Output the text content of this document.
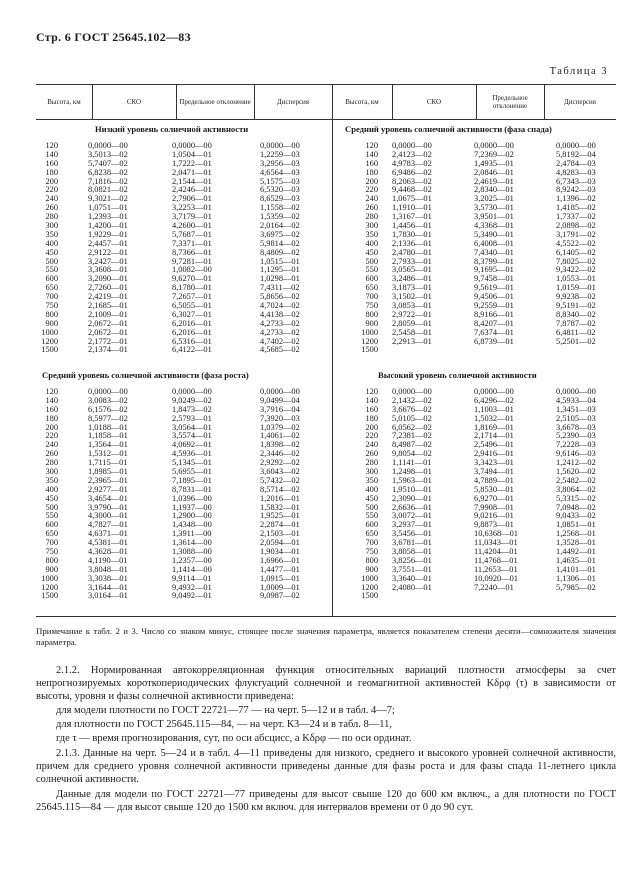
Стр. 6 ГОСТ 25645.102—83
Таблица 3
Высота, км	СКО	Предельное отклонение	Дисперсия	Высота, км	СКО	Предельное отклонение	Дисперсия
Низкий уровень солнечной активности	Средний уровень солнечной активности (фаза спада)
Средний уровень солнечной активности (фаза роста)	Высокий уровень солнечной активности
120	0,0000—00	0,0000—00	0,0000—00
140	3,5013—02	1,0504—01	1,2259—03
160	5,7407—02	1,7222—01	3,2956—03
180	6,8238—02	2,0471—01	4,6564—03
200	7,1816—02	2,1544—01	5,1575—03
220	8,0821—02	2,4246—01	6,5320—03
240	9,3021—02	2,7906—01	8,6529—03
260	1,0751—01	3,2253—01	1,1558—02
280	1,2393—01	3,7179—01	1,5359—02
300	1,4200—01	4,2600—01	2,0164—02
350	1,9229—01	5,7687—01	3,6975—02
400	2,4457—01	7,3371—01	5,9814—02
450	2,9122—01	8,7366—01	8,4809—02
500	3,2427—01	9,7281—01	1,0515—01
550	3,3608—01	1,0082—00	1,1295—01
600	3,2090—01	9,6270—01	1,0298—01
650	2,7260—01	8,1780—01	7,4311—02
700	2,4219—01	7,2657—01	5,8656—02
750	2,1685—01	6,5055—01	4,7024—02
800	2,1009—01	6,3027—01	4,4138—02
900	2,0672—01	6,2016—01	4,2733—02
1000	2,0672—01	6,2016—01	4,2733—02
1200	2,1772—01	6,5316—01	4,7402—02
1500	2,1374—01	6,4122—01	4,5685—02
120 0,0000—00	0,0000—00	0,0000—00
140 2,4123—02	7,2369—02	5,8192—04
160 4,9783—02	1,4935—01	2,4784—03
180 6,9486—02	2,0846—01	4,8283—03
200 8,2063—02	2,4619—01	6,7343—03
220 9,4468—02	2,8340—01	8,9242—03
240 1,0675—01	3,2025—01	1,1396—02
260 1,1910—01	3,5730—01	1,4185—02
280 1,3167—01	3,9501—01	1,7337—02
300 1,4456—01	4,3368—01	2,0898—02
350 1,7830—01	5,3490—01	3,1791—02
400 2,1336—01	6,4008—01	4,5522—02
450 2,4780—01	7,4340—01	6,1405—02
500 2,7933—01	8,3799—01	7,8025—02
550 3,0565—01	9,1695—01	9,3422—02
600 3,2486—01	9,7458—01	1,0553—01
650 3,1873—01	9,5619—01	1,0159—01
700 3,1502—01	9,4506—01	9,9238—02
750 3,0853—01	9,2559—01	9,5191—02
800 2,9722—01	8,9166—01	8,8340—02
900 2,8059—01	8,4207—01	7,8787—02
1000 2,5458—01	7,6374—01	6,4811—02
1200 2,2913—01	6,8739—01	5,2501—02
1500
120	0,0000—00	0,0000—00	0,0000—00
140	3,0083—02	9,0249—02	9,0499—04
160	6,1576—02	1,8473—02	3,7916—04
180	8,5977—02	2,5793—01	7,3920—03
200	1,0188—01	3,0564—01	1,0379—02
220	1,1858—01	3,5574—01	1,4061—02
240	1,3564—01	4,0692—01	1,8398—02
260	1,5312—01	4,5936—01	2,3446—02
280	1,7115—01	5,1345—01	2,9292—02
300	1,8985—01	5,6955—01	3,6043—02
350	2,3965—01	7,1895—01	5,7432—02
400	2,9277—01	8,7831—01	8,5714—02
450	3,4654—01	1,0396—00	1,2016—01
500	3,9790—01	1,1937—00	1,5832—01
550	4,3000—01	1,2900—00	1,9525—01
600	4,7827—01	1,4348—00	2,2874—01
650	4,6371—01	1,3911—00	2,1503—01
700	4,5381—01	1,3614—00	2,0594—01
750	4,3628—01	1,3088—00	1,9034—01
800	4,1190—01	1,2357—00	1,6966—01
900	3,8048—01	1,1414—00	1,4477—01
1000	3,3038—01	9,9114—01	1,0915—01
1200	3,1644—01	9,4932—01	1,0009—01
1500	3,0164—01	9,0492—01	9,0987—02
120 0,0000—00	0,0000—00	0,0000—00
140 2,1432—02	6,4296—02	4,5933—04
160 3,6676—02	1,1003—01	1,3451—03
180 5,0105—02	1,5032—01	2,5105—03
200 6,0562—02	1,8169—01	3,6678—03
220 7,2381—02	2,1714—01	5,2390—03
240 8,4987—02	2,5496—01	7,2228—03
260 9,8054—02	2,9416—01	9,6146—03
280 1,1141—01	3,3423—01	1,2412—02
300 1,2498—01	3,7494—01	1,5620—02
350 1,5963—01	4,7889—01	2,5482—02
400 1,9510—01	5,8530—01	3,8064—02
450 2,3090—01	6,9270—01	5,3315—02
500 2,6636—01	7,9908—01	7,0948—02
550 3,0072—01	9,0216—01	9,0433—02
600 3,2937—01	9,8873—01	1,0851—01
650 3,5456—01	10,6368—01	1,2568—01
700 3,6781—01	11,0343—01	1,3528—01
750 3,8058—01	11,4204—01	1,4492—01
800 3,8256—01	11,4768—01	1,4635—01
900 3,7551—01	11,2653—01	1,4101—01
1000 3,3640—01	10,0920—01	1,1306—01
1200 2,4080—01	7,2240—01	5,7985—02
1500
Примечание к табл. 2 и 3. Число со знаком минус, стоящее после значения параметра, является показателем степени десяти—сомножителя значения параметра.
2.1.2. Нормированная автокорреляционная функция относительных вариаций плотности атмосферы за счет непрогнозируемых короткопериодических флуктуаций солнечной и геомагнитной активностей Kδρφ (τ) в зависимости от высоты, уровня и фазы солнечной активности приведена:
для модели плотности по ГОСТ 22721—77 — на черт. 5—12 и в табл. 4—7;
для плотности по ГОСТ 25645.115—84, — на черт. К3—24 и в табл. 8—11,
где τ — время прогнозирования, сут, по оси абсцисс, а Kδρφ — по оси ординат.
2.1.3. Данные на черт. 5—24 и в табл. 4—11 приведены для низкого, среднего и высокого уровней солнечной активности, причем для среднего уровня солнечной активности приведены данные для фазы роста и для фазы спада 11-летнего цикла солнечной активности.
Данные для модели по ГОСТ 22721—77 приведены для высот свыше 120 до 600 км включ., а для плотности по ГОСТ 25645.115—84 — для высот свыше 120 до 1500 км включ. для интервалов времени от 0 до 90 сут.
